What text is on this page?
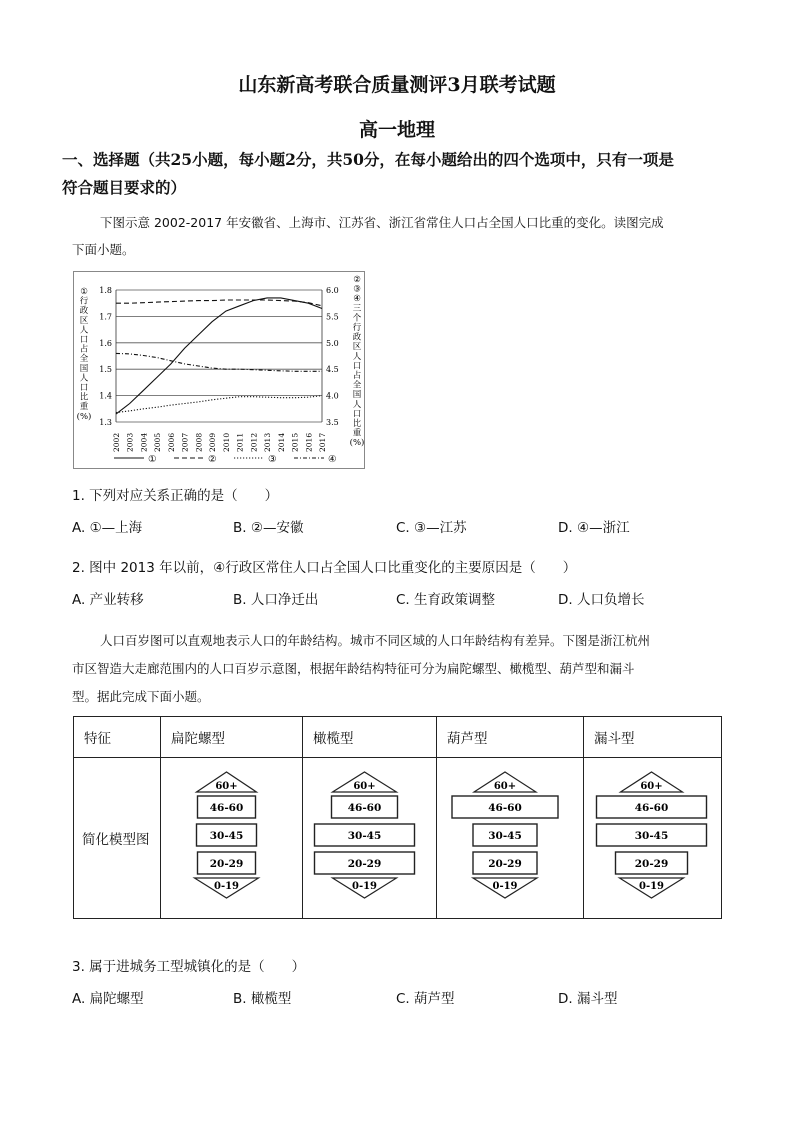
山东新高考联合质量测评3月联考试题
高一地理
一、选择题（共25小题，每小题2分，共50分，在每小题给出的四个选项中，只有一项是
符合题目要求的）
下图示意 2002-2017 年安徽省、上海市、江苏省、浙江省常住人口占全国人口比重的变化。读图完成
下面小题。
1.3
1.4
1.5
1.6
1.7
1.8
3.5
4.0
4.5
5.0
5.5
6.0
2002 2003 2004 2005 2006 2007 2008 2009 2010 2011 2012 2013 2014 2015 2016 2017
①
行
政
区
人
口
占
全
国
人
口
比
重
(%)
②
③
④
三
个
行
政
区
人
口
占
全
国
人
口
比
重
(%)
①	②	③	④
1. 下列对应关系正确的是（　　）
A. ①—上海	B. ②—安徽	C. ③—江苏	D. ④—浙江
2. 图中 2013 年以前，④行政区常住人口占全国人口比重变化的主要原因是（　　）
A. 产业转移	B. 人口净迁出	C. 生育政策调整	D. 人口负增长
人口百岁图可以直观地表示人口的年龄结构。城市不同区域的人口年龄结构有差异。下图是浙江杭州
市区智造大走廊范围内的人口百岁示意图，根据年龄结构特征可分为扁陀螺型、橄榄型、葫芦型和漏斗
型。据此完成下面小题。
特征	扁陀螺型	橄榄型	葫芦型	漏斗型
简化模型图	60+
46-60
30-45
20-29
0-19	60+
46-60
30-45
20-29
0-19	60+
46-60
30-45
20-29
0-19	60+
46-60
30-45
20-29
0-19
3. 属于进城务工型城镇化的是（　　）
A. 扁陀螺型	B. 橄榄型	C. 葫芦型	D. 漏斗型
